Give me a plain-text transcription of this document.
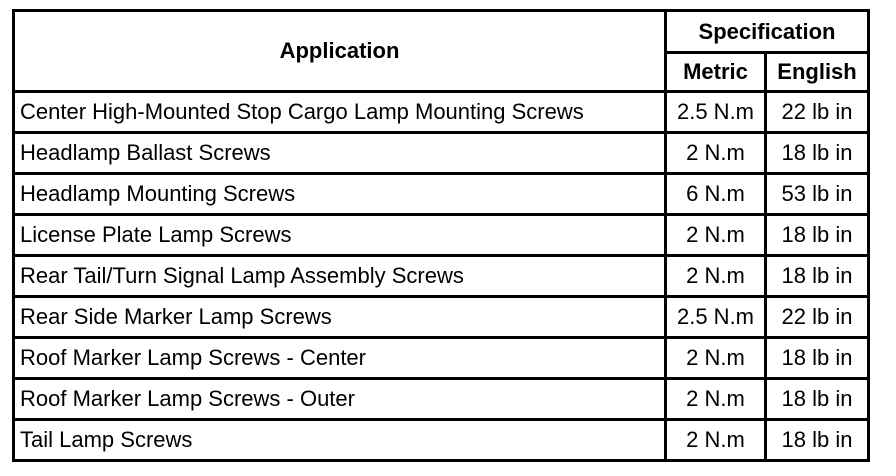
Application	Specification	
	Metric	English
Center High-Mounted Stop Cargo Lamp Mounting Screws	2.5 N.m	22 lb in
Headlamp Ballast Screws	2 N.m	18 lb in
Headlamp Mounting Screws	6 N.m	53 lb in
License Plate Lamp Screws	2 N.m	18 lb in
Rear Tail/Turn Signal Lamp Assembly Screws	2 N.m	18 lb in
Rear Side Marker Lamp Screws	2.5 N.m	22 lb in
Roof Marker Lamp Screws - Center	2 N.m	18 lb in
Roof Marker Lamp Screws - Outer	2 N.m	18 lb in
Tail Lamp Screws	2 N.m	18 lb in
